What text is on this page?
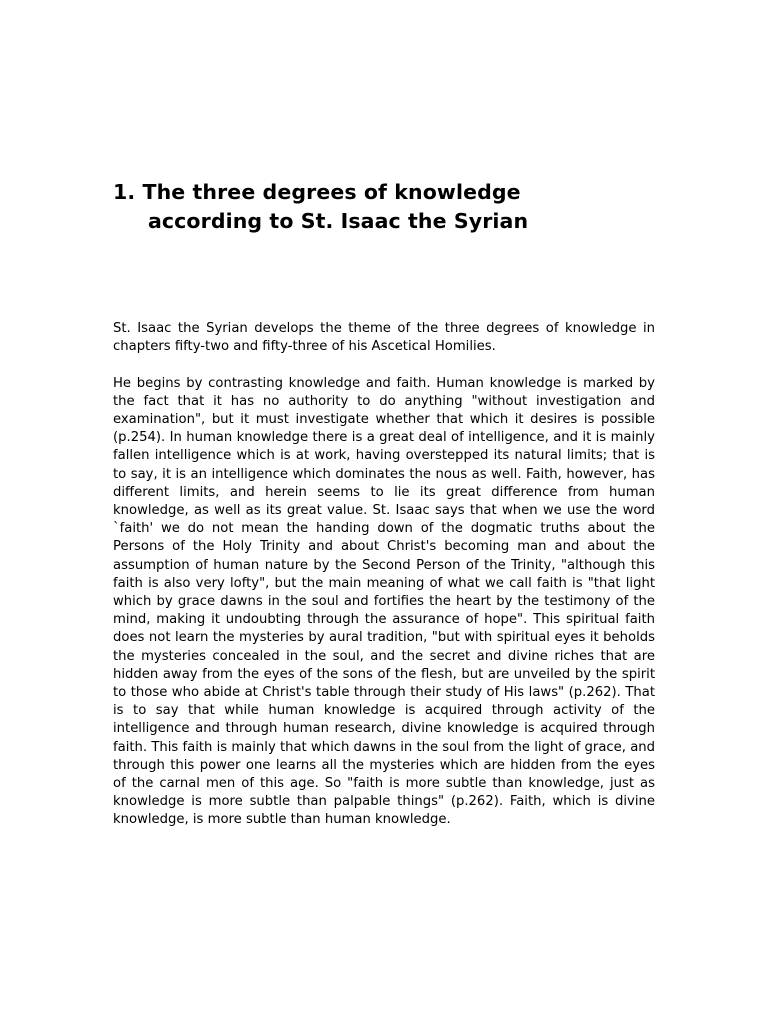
1. The three degrees of knowledge
according to St. Isaac the Syrian

St. Isaac the Syrian develops the theme of the three degrees of knowledge in chapters fifty-two and fifty-three of his Ascetical Homilies.

He begins by contrasting knowledge and faith. Human knowledge is marked by the fact that it has no authority to do anything "without investigation and examination", but it must investigate whether that which it desires is possible (p.254). In human knowledge there is a great deal of intelligence, and it is mainly fallen intelligence which is at work, having overstepped its natural limits; that is to say, it is an intelligence which dominates the nous as well. Faith, however, has different limits, and herein seems to lie its great difference from human knowledge, as well as its great value. St. Isaac says that when we use the word `faith' we do not mean the handing down of the dogmatic truths about the Persons of the Holy Trinity and about Christ's becoming man and about the assumption of human nature by the Second Person of the Trinity, "although this faith is also very lofty", but the main meaning of what we call faith is "that light which by grace dawns in the soul and fortifies the heart by the testimony of the mind, making it undoubting through the assurance of hope". This spiritual faith does not learn the mysteries by aural tradition, "but with spiritual eyes it beholds the mysteries concealed in the soul, and the secret and divine riches that are hidden away from the eyes of the sons of the flesh, but are unveiled by the spirit to those who abide at Christ's table through their study of His laws" (p.262). That is to say that while human knowledge is acquired through activity of the intelligence and through human research, divine knowledge is acquired through faith. This faith is mainly that which dawns in the soul from the light of grace, and through this power one learns all the mysteries which are hidden from the eyes of the carnal men of this age. So "faith is more subtle than knowledge, just as knowledge is more subtle than palpable things" (p.262). Faith, which is divine knowledge, is more subtle than human knowledge.
